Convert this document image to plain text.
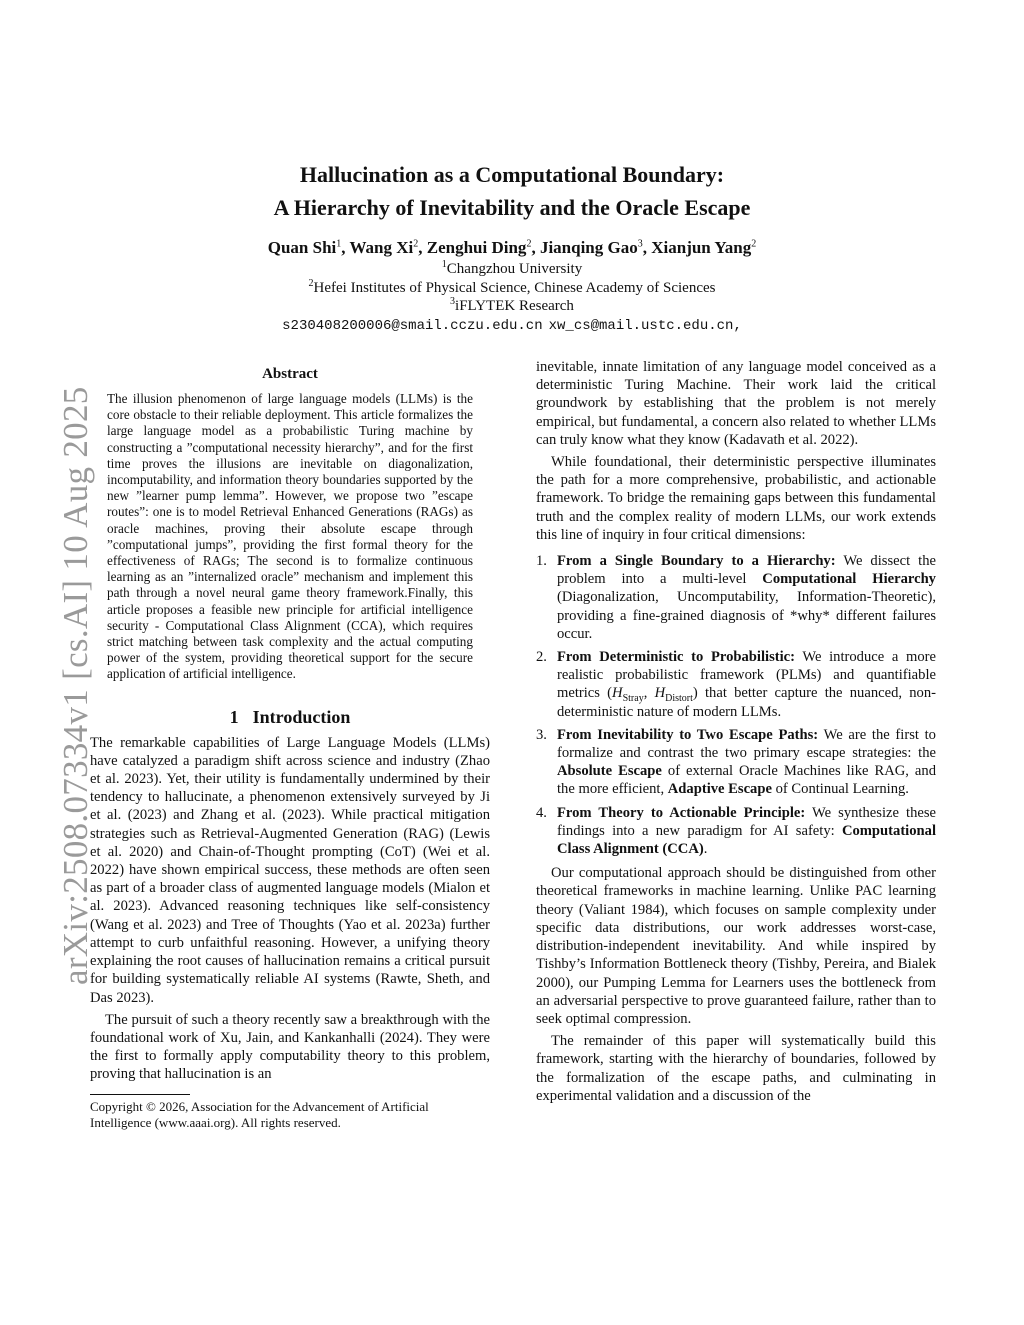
arXiv:2508.07334v1 [cs.AI] 10 Aug 2025
Hallucination as a Computational Boundary:
A Hierarchy of Inevitability and the Oracle Escape
Quan Shi$^1$, Wang Xi$^2$, Zenghui Ding$^2$, Jianqing Gao$^3$, Xianjun Yang$^2$
$^1$Changzhou University
$^2$Hefei Institutes of Physical Science, Chinese Academy of Sciences
$^3$iFLYTEK Research
s230408200006@smail.cczu.edu.cn xw_cs@mail.ustc.edu.cn,
Abstract
The illusion phenomenon of large language models (LLMs) is the core obstacle to their reliable deployment. This article formalizes the large language model as a probabilistic Turing machine by constructing a ”computational necessity hierarchy”, and for the first time proves the illusions are inevitable on diagonalization, incomputability, and information theory boundaries supported by the new ”learner pump lemma”. However, we propose two ”escape routes”: one is to model Retrieval Enhanced Generations (RAGs) as oracle machines, proving their absolute escape through ”computational jumps”, providing the first formal theory for the effectiveness of RAGs; The second is to formalize continuous learning as an ”internalized oracle” mechanism and implement this path through a novel neural game theory framework.Finally, this article proposes a feasible new principle for artificial intelligence security - Computational Class Alignment (CCA), which requires strict matching between task complexity and the actual computing power of the system, providing theoretical support for the secure application of artificial intelligence.
1 Introduction

The remarkable capabilities of Large Language Models (LLMs) have catalyzed a paradigm shift across science and industry (Zhao et al. 2023). Yet, their utility is fundamentally undermined by their tendency to hallucinate, a phenomenon extensively surveyed by Ji et al. (2023) and Zhang et al. (2023). While practical mitigation strategies such as Retrieval-Augmented Generation (RAG) (Lewis et al. 2020) and Chain-of-Thought prompting (CoT) (Wei et al. 2022) have shown empirical success, these methods are often seen as part of a broader class of augmented language models (Mialon et al. 2023). Advanced reasoning techniques like self-consistency (Wang et al. 2023) and Tree of Thoughts (Yao et al. 2023a) further attempt to curb unfaithful reasoning. However, a unifying theory explaining the root causes of hallucination remains a critical pursuit for building systematically reliable AI systems (Rawte, Sheth, and Das 2023).

The pursuit of such a theory recently saw a breakthrough with the foundational work of Xu, Jain, and Kankanhalli (2024). They were the first to formally apply computability theory to this problem, proving that hallucination is an

Copyright © 2026, Association for the Advancement of Artificial Intelligence (www.aaai.org). All rights reserved.

inevitable, innate limitation of any language model conceived as a deterministic Turing Machine. Their work laid the critical groundwork by establishing that the problem is not merely empirical, but fundamental, a concern also related to whether LLMs can truly know what they know (Kadavath et al. 2022).

While foundational, their deterministic perspective illuminates the path for a more comprehensive, probabilistic, and actionable framework. To bridge the remaining gaps between this fundamental truth and the complex reality of modern LLMs, our work extends this line of inquiry in four critical dimensions:

1. From a Single Boundary to a Hierarchy: We dissect the problem into a multi-level Computational Hierarchy (Diagonalization, Uncomputability, Information-Theoretic), providing a fine-grained diagnosis of *why* different failures occur.
2. From Deterministic to Probabilistic: We introduce a more realistic probabilistic framework (PLMs) and quantifiable metrics ($H_{Stray}$, $H_{Distort}$) that better capture the nuanced, non-deterministic nature of modern LLMs.
3. From Inevitability to Two Escape Paths: We are the first to formalize and contrast the two primary escape strategies: the Absolute Escape of external Oracle Machines like RAG, and the more efficient, Adaptive Escape of Continual Learning.
4. From Theory to Actionable Principle: We synthesize these findings into a new paradigm for AI safety: Computational Class Alignment (CCA).

Our computational approach should be distinguished from other theoretical frameworks in machine learning. Unlike PAC learning theory (Valiant 1984), which focuses on sample complexity under specific data distributions, our work addresses worst-case, distribution-independent inevitability. And while inspired by Tishby’s Information Bottleneck theory (Tishby, Pereira, and Bialek 2000), our Pumping Lemma for Learners uses the bottleneck from an adversarial perspective to prove guaranteed failure, rather than to seek optimal compression.

The remainder of this paper will systematically build this framework, starting with the hierarchy of boundaries, followed by the formalization of the escape paths, and culminating in experimental validation and a discussion of the
